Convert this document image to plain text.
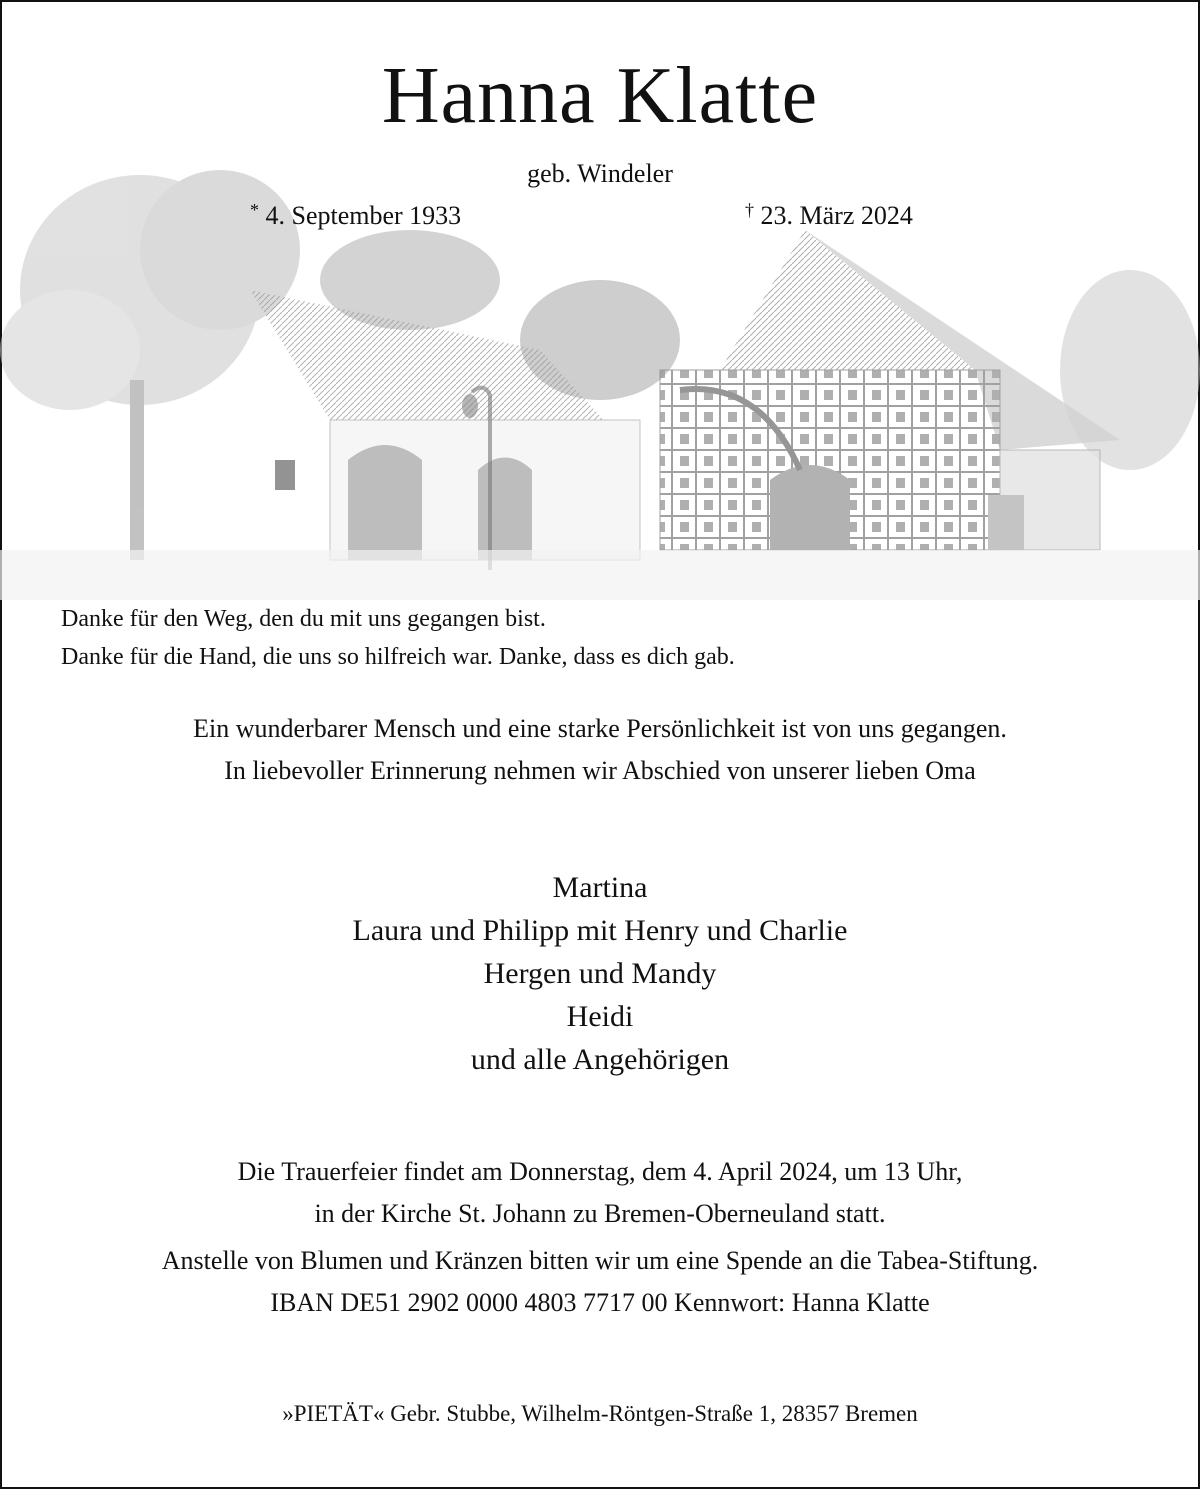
Hanna Klatte
geb. Windeler
* 4. September 1933	† 23. März 2024
Danke für den Weg, den du mit uns gegangen bist.
Danke für die Hand, die uns so hilfreich war. Danke, dass es dich gab.
Ein wunderbarer Mensch und eine starke Persönlichkeit ist von uns gegangen.
In liebevoller Erinnerung nehmen wir Abschied von unserer lieben Oma
Martina
Laura und Philipp mit Henry und Charlie
Hergen und Mandy
Heidi
und alle Angehörigen
Die Trauerfeier findet am Donnerstag, dem 4. April 2024, um 13 Uhr,
in der Kirche St. Johann zu Bremen-Oberneuland statt.
Anstelle von Blumen und Kränzen bitten wir um eine Spende an die Tabea-Stiftung.
IBAN DE51 2902 0000 4803 7717 00 Kennwort: Hanna Klatte
»PIETÄT« Gebr. Stubbe, Wilhelm-Röntgen-Straße 1, 28357 Bremen
